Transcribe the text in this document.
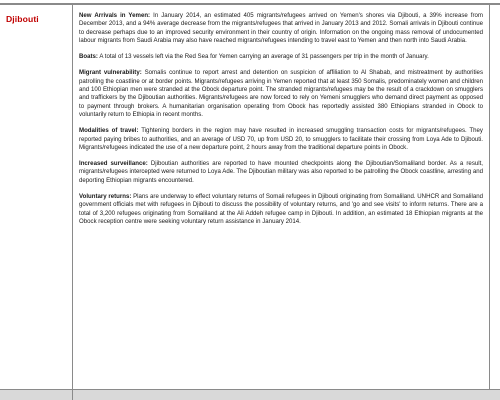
Djibouti	New Arrivals in Yemen: In January 2014, an estimated 405 migrants/refugees arrived on Yemen's shores via Djibouti, a 39% increase from December 2013, and a 94% average decrease from the migrants/refugees that arrived in January 2013 and 2012. Somali arrivals in Djibouti continue to decrease perhaps due to an improved security environment in their country of origin. Information on the ongoing mass removal of undocumented labour migrants from Saudi Arabia may also have reached migrants/refugees intending to travel east to Yemen and then north into Saudi Arabia.

Boats: A total of 13 vessels left via the Red Sea for Yemen carrying an average of 31 passengers per trip in the month of January.

Migrant vulnerability: Somalis continue to report arrest and detention on suspicion of affiliation to Al Shabab, and mistreatment by authorities patrolling the coastline or at border points. Migrants/refugees arriving in Yemen reported that at least 350 Somalis, predominately women and children and 100 Ethiopian men were stranded at the Obock departure point. The stranded migrants/refugees may be the result of a crackdown on smugglers and traffickers by the Djiboutian authorities. Migrants/refugees are now forced to rely on Yemeni smugglers who demand direct payment as opposed to payment through brokers. A humanitarian organisation operating from Obock has reportedly assisted 380 Ethiopians stranded in Obock to voluntarily return to Ethiopia in recent months.

Modalities of travel: Tightening borders in the region may have resulted in increased smuggling transaction costs for migrants/refugees. They reported paying bribes to authorities, and an average of USD 70, up from USD 20, to smugglers to facilitate their crossing from Loya Ade to Djibouti. Migrants/refugees indicated the use of a new departure point, 2 hours away from the traditional departure points in Obock.

Increased surveillance: Djiboutian authorities are reported to have mounted checkpoints along the Djiboutian/Somaliland border. As a result, migrants/refugees intercepted were returned to Loya Ade. The Djiboutian military was also reported to be patrolling the Obock coastline, arresting and deporting Ethiopian migrants encountered.

Voluntary returns: Plans are underway to effect voluntary returns of Somali refugees in Djibouti originating from Somaliland. UNHCR and Somaliland government officials met with refugees in Djibouti to discuss the possibility of voluntary returns, and 'go and see visits' to inform returns. There are a total of 3,200 refugees originating from Somaliland at the Ali Addeh refugee camp in Djibouti. In addition, an estimated 18 Ethiopian migrants at the Obock reception centre were seeking voluntary return assistance in January 2014.
